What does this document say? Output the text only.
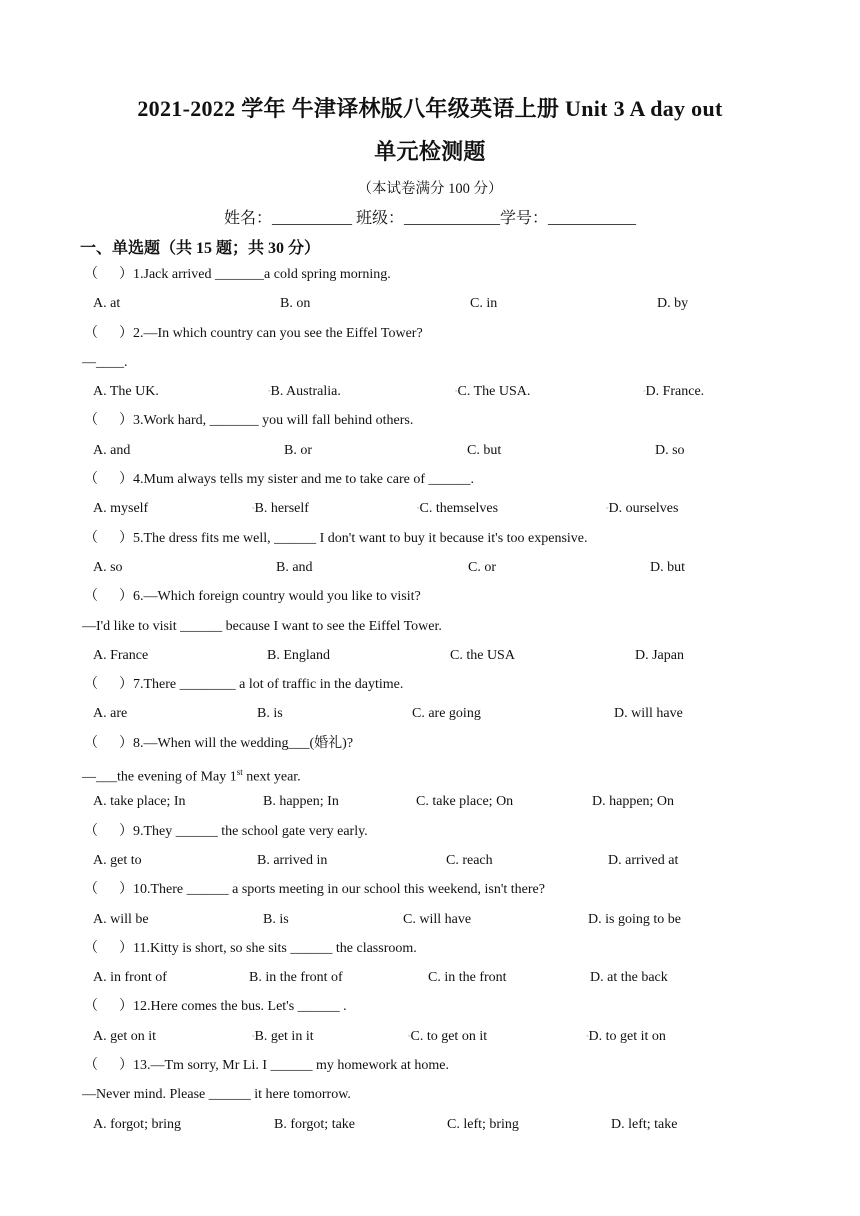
2021-2022 学年 牛津译林版八年级英语上册 Unit 3 A day out
单元检测题
（本试卷满分 100 分）
姓名：__________ 班级：____________学号：___________
一、单选题（共 15 题；共 30 分）
（      ）1.Jack arrived _______a cold spring morning.
A. at	B. on	C. in	D. by
（      ）2.—In which country can you see the Eiffel Tower?
—____.
A. The UK.	◦B. Australia.	◦C. The USA.	◦D. France.
（      ）3.Work hard, _______ you will fall behind others.
A. and	B. or	C. but	D. so
（      ）4.Mum always tells my sister and me to take care of ______.
A. myself	◦B. herself	◦C. themselves	◦D. ourselves
（      ）5.The dress fits me well, ______ I don't want to buy it because it's too expensive.
A. so	B. and	C. or	D. but
（      ）6.—Which foreign country would you like to visit?
—I'd like to visit ______ because I want to see the Eiffel Tower.
A. France	B. England	C. the USA	D. Japan
（      ）7.There ________ a lot of traffic in the daytime.
A. are	B. is	C. are going	D. will have
（      ）8.—When will the wedding___(婚礼)?
—___the evening of May 1st next year.
A. take place; In	B. happen; In	C. take place; On	D. happen; On
（      ）9.They ______ the school gate very early.
A. get to	B. arrived in	C. reach	D. arrived at
（      ）10.There ______ a sports meeting in our school this weekend, isn't there?
A. will be	B. is	C. will have	D. is going to be
（      ）11.Kitty is short, so she sits ______ the classroom.
A. in front of	B. in the front of	C. in the front	D. at the back
（      ）12.Here comes the bus. Let's ______ .
A. get on it	◦B. get in it	◦C. to get on it	◦D. to get it on
（      ）13.—Tm sorry, Mr Li. I ______ my homework at home.
—Never mind. Please ______ it here tomorrow.
A. forgot; bring	B. forgot; take	C. left; bring	D. left; take
